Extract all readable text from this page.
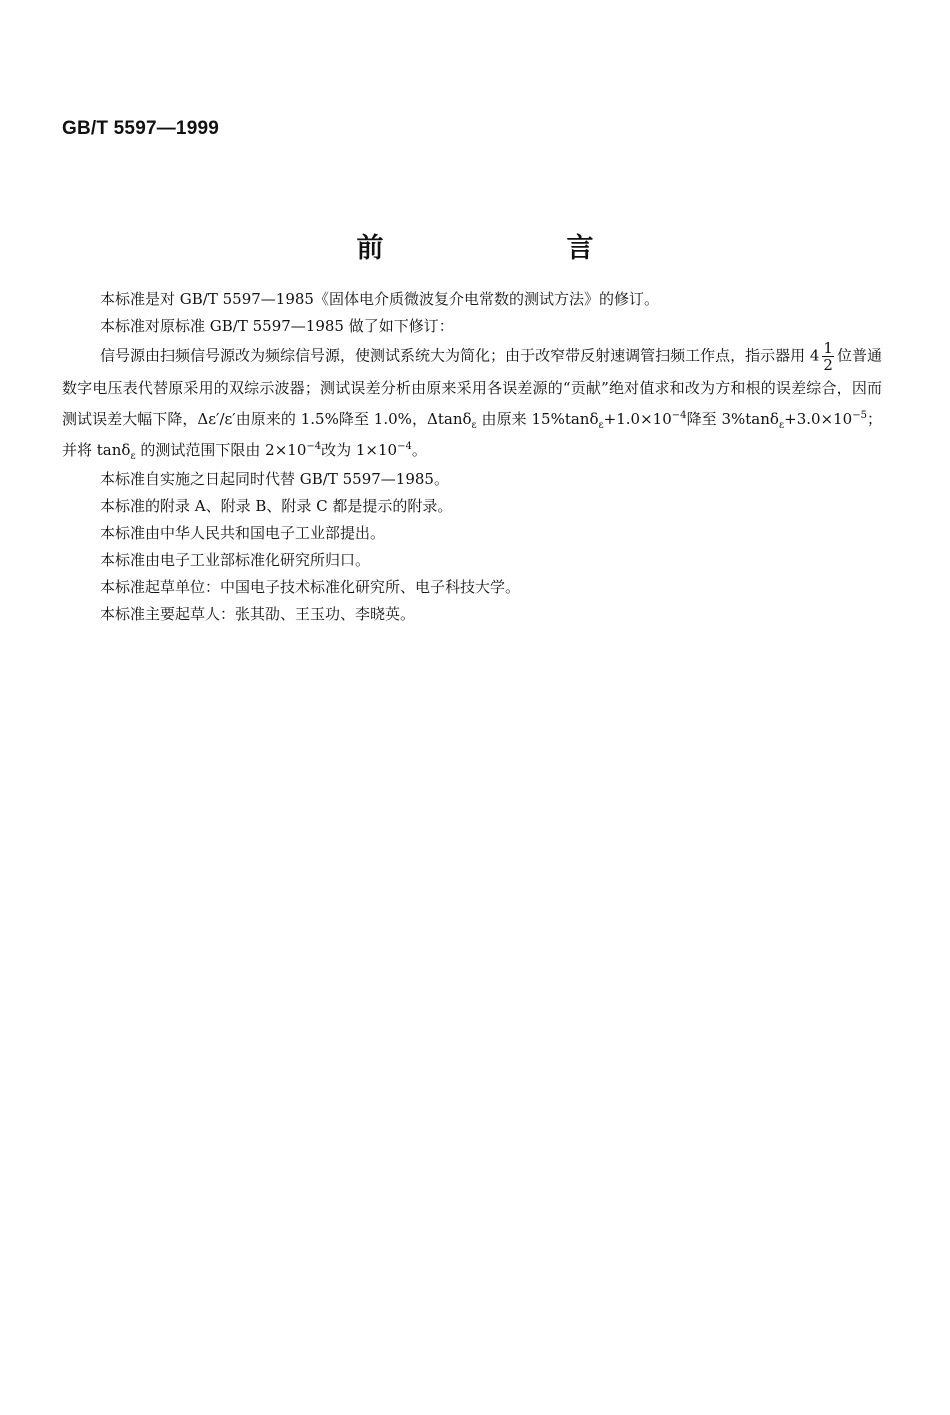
GB/T 5597—1999
前　言

本标准是对 GB/T 5597—1985《固体电介质微波复介电常数的测试方法》的修订。

本标准对原标准 GB/T 5597—1985 做了如下修订：

信号源由扫频信号源改为频综信号源，使测试系统大为简化；由于改窄带反射速调管扫频工作点，指示器用 $4 \frac{1}{2}$ 位普通数字电压表代替原采用的双综示波器；测试误差分析由原来采用各误差源的“贡献”绝对值求和改为方和根的误差综合，因而测试误差大幅下降，Δε′/ε′由原来的 1.5%降至 1.0%，Δtanδ$_\varepsilon$ 由原来 $15\%\tan\delta_\varepsilon+1.0\times 10^{-4}$降至 $3\%\tan\delta_\varepsilon+3.0\times 10^{-5}$；并将 tanδ$_\varepsilon$ 的测试范围下限由 $2\times 10^{-4}$改为 $1\times 10^{-4}$。

本标准自实施之日起同时代替 GB/T 5597—1985。

本标准的附录 A、附录 B、附录 C 都是提示的附录。

本标准由中华人民共和国电子工业部提出。

本标准由电子工业部标准化研究所归口。

本标准起草单位：中国电子技术标准化研究所、电子科技大学。

本标准主要起草人：张其劭、王玉功、李晓英。
